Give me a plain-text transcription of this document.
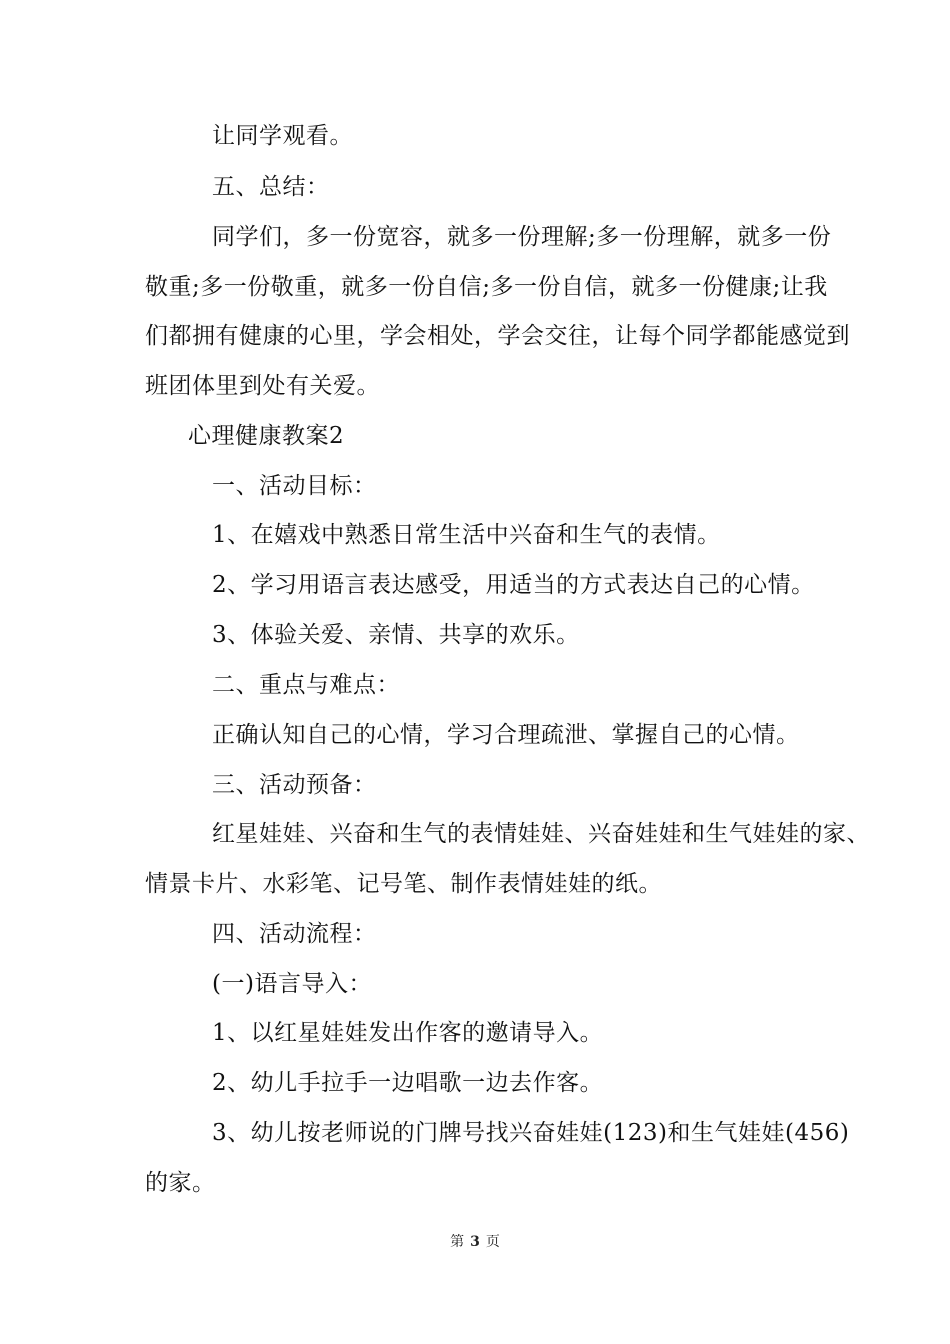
让同学观看。
五、总结：
同学们，多一份宽容，就多一份理解;多一份理解，就多一份
敬重;多一份敬重，就多一份自信;多一份自信，就多一份健康;让我
们都拥有健康的心里，学会相处，学会交往，让每个同学都能感觉到
班团体里到处有关爱。
心理健康教案2
一、活动目标：
1、在嬉戏中熟悉日常生活中兴奋和生气的表情。
2、学习用语言表达感受，用适当的方式表达自己的心情。
3、体验关爱、亲情、共享的欢乐。
二、重点与难点：
正确认知自己的心情，学习合理疏泄、掌握自己的心情。
三、活动预备：
红星娃娃、兴奋和生气的表情娃娃、兴奋娃娃和生气娃娃的家、
情景卡片、水彩笔、记号笔、制作表情娃娃的纸。
四、活动流程：
(一)语言导入：
1、以红星娃娃发出作客的邀请导入。
2、幼儿手拉手一边唱歌一边去作客。
3、幼儿按老师说的门牌号找兴奋娃娃(123)和生气娃娃(456)
的家。
第 3 页
